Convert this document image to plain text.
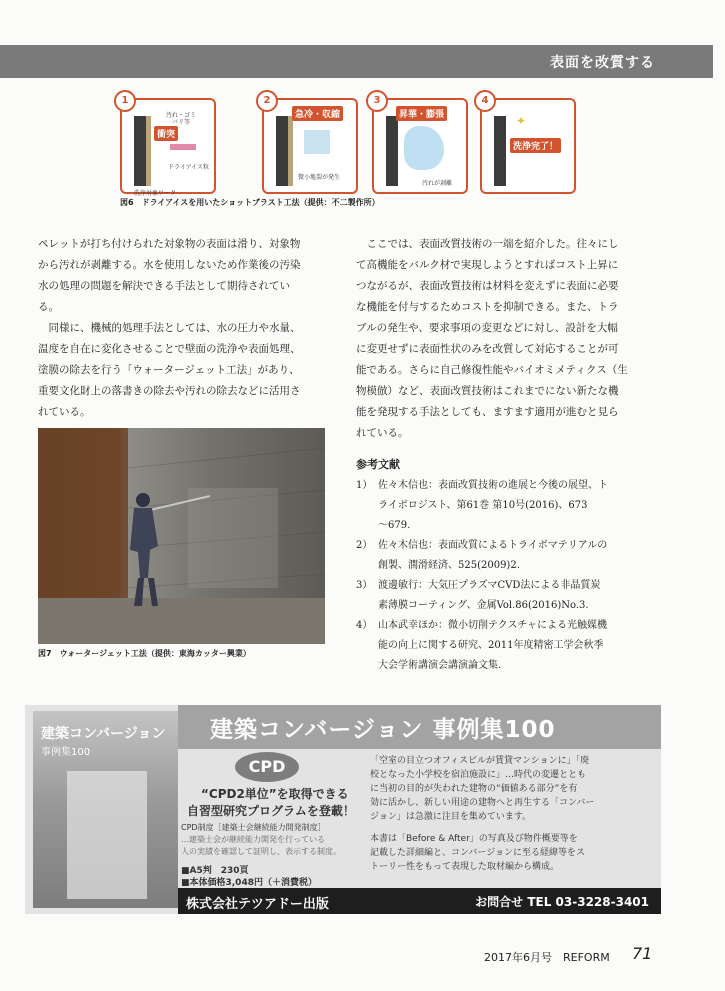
表面を改質する
1
衝突
汚れ・ゴミ
バリ等
洗浄対象ワーク
ドライアイス粒
2
急冷・収縮
微小亀裂が発生
3
昇華・膨張
汚れが剥離
4
洗浄完了！
✦
図6　ドライアイスを用いたショットブラスト工法（提供：不二製作所）

ペレットが打ち付けられた対象物の表面は滑り、対象物

から汚れが剥離する。水を使用しないため作業後の汚染

水の処理の問題を解決できる手法として期待されてい

る。

　同様に、機械的処理手法としては、水の圧力や水量、

温度を自在に変化させることで壁面の洗浄や表面処理、

塗膜の除去を行う「ウォータージェット工法」があり、

重要文化財上の落書きの除去や汚れの除去などに活用さ

れている。

図7　ウォータージェット工法（提供：東海カッター興業）

　ここでは、表面改質技術の一端を紹介した。往々にし

て高機能をバルク材で実現しようとすればコスト上昇に

つながるが、表面改質技術は材料を変えずに表面に必要

な機能を付与するためコストを抑制できる。また、トラ

ブルの発生や、要求事項の変更などに対し、設計を大幅

に変更せずに表面性状のみを改質して対応することが可

能である。さらに自己修復性能やバイオミメティクス（生

物模倣）など、表面改質技術はこれまでにない新たな機

能を発現する手法としても、ますます適用が進むと見ら

れている。

参考文献
1） 佐々木信也：表面改質技術の進展と今後の展望、ト
ライボロジスト、第61巻 第10号(2016)、673
～679.
2） 佐々木信也：表面改質によるトライボマテリアルの
創製、潤滑経済、525(2009)2.
3） 渡邊敏行：大気圧プラズマCVD法による非晶質炭
素薄膜コーティング、金属Vol.86(2016)No.3.
4） 山本武幸ほか：微小切削テクスチャによる光触媒機
能の向上に関する研究、2011年度精密工学会秋季
大会学術講演会講演論文集.
建築コンバージョン
事例集100
建築コンバージョン 事例集100
CPD
“CPD2単位”を取得できる
自習型研究プログラムを登載！
CPD制度［建築士会継続能力開発制度］
…建築士会が継続能力開発を行っている
人の実績を確認して証明し、表示する制度。
■A5判　230頁
■本体価格3,048円（＋消費税）
「空室の目立つオフィスビルが賃貸マンションに」「廃
校となった小学校を宿泊施設に」…時代の変遷ととも
に当初の目的が失われた建物の“価値ある部分”を有
効に活かし、新しい用途の建物へと再生する「コンバー
ジョン」は急激に注目を集めています。
本書は「Before & After」の写真及び物件概要等を
記載した詳細編と、コンバージョンに至る経緯等をス
トーリー性をもって表現した取材編から構成。
株式会社テツアドー出版	お問合せ TEL 03-3228-3401
2017年6月号　REFORM 71
